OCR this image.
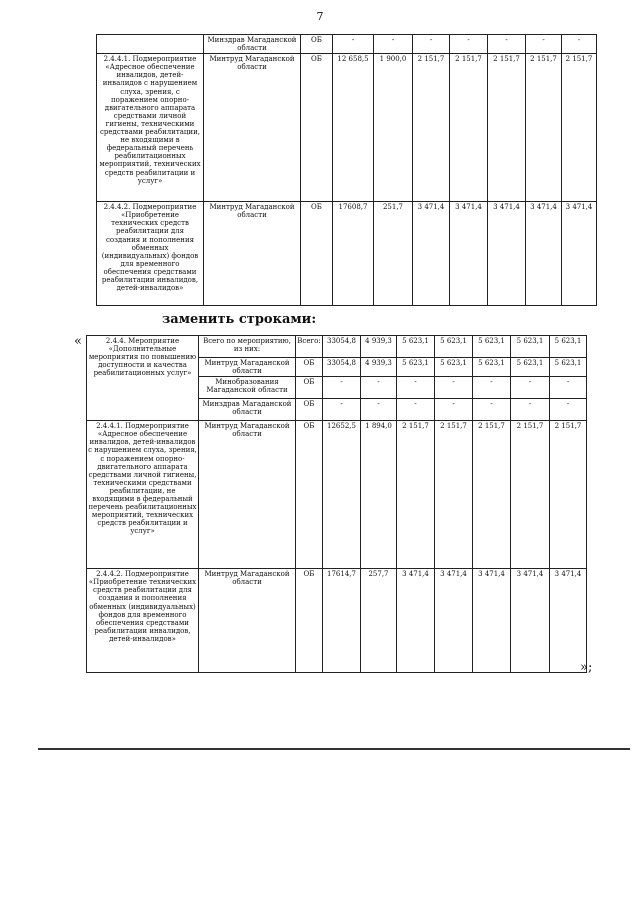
7
	Минздрав Магаданской области	ОБ	-	-	-	-	-	-	-
2.4.4.1. Подмероприятие «Адресное обеспечение инвалидов, детей-инвалидов с нарушением слуха, зрения, с поражением опорно-двигательного аппарата средствами личной гигиены, техническими средствами реабилитации, не входящими в федеральный перечень реабилитационных мероприятий, технических средств реабилитации и услуг»	Минтруд Магаданской области	ОБ	12 658,5	1 900,0	2 151,7	2 151,7	2 151,7	2 151,7	2 151,7
2.4.4.2. Подмероприятие «Приобретение технических средств реабилитации для создания и пополнения обменных (индивидуальных) фондов для временного обеспечения средствами реабилитации инвалидов, детей-инвалидов»	Минтруд Магаданской области	ОБ	17608,7	251,7	3 471,4	3 471,4	3 471,4	3 471,4	3 471,4
заменить строками:
«	2.4.4. Мероприятие «Дополнительные мероприятия по повышению доступности и качества реабилитационных услуг»	Всего по мероприятию, из них:	Всего:	33054,8	4 939,3	5 623,1	5 623,1	5 623,1	5 623,1	5 623,1
	Минтруд Магаданской области	ОБ	33054,8	4 939,3	5 623,1	5 623,1	5 623,1	5 623,1	5 623,1
	Минобразования Магаданской области	ОБ	-	-	-	-	-	-	-
	Минздрав Магаданской области	ОБ	-	-	-	-	-	-	-
2.4.4.1. Подмероприятие «Адресное обеспечение инвалидов, детей-инвалидов с нарушением слуха, зрения, с поражением опорно-двигательного аппарата средствами личной гигиены, техническими средствами реабилитации, не входящими в федеральный перечень реабилитационных мероприятий, технических средств реабилитации и услуг»	Минтруд Магаданской области	ОБ	12652,5	1 894,0	2 151,7	2 151,7	2 151,7	2 151,7	2 151,7
2.4.4.2. Подмероприятие «Приобретение технических средств реабилитации для создания и пополнения обменных (индивидуальных) фондов для временного обеспечения средствами реабилитации инвалидов, детей-инвалидов»	Минтруд Магаданской области	ОБ	17614,7	257,7	3 471,4	3 471,4	3 471,4	3 471,4	3 471,4
»;
